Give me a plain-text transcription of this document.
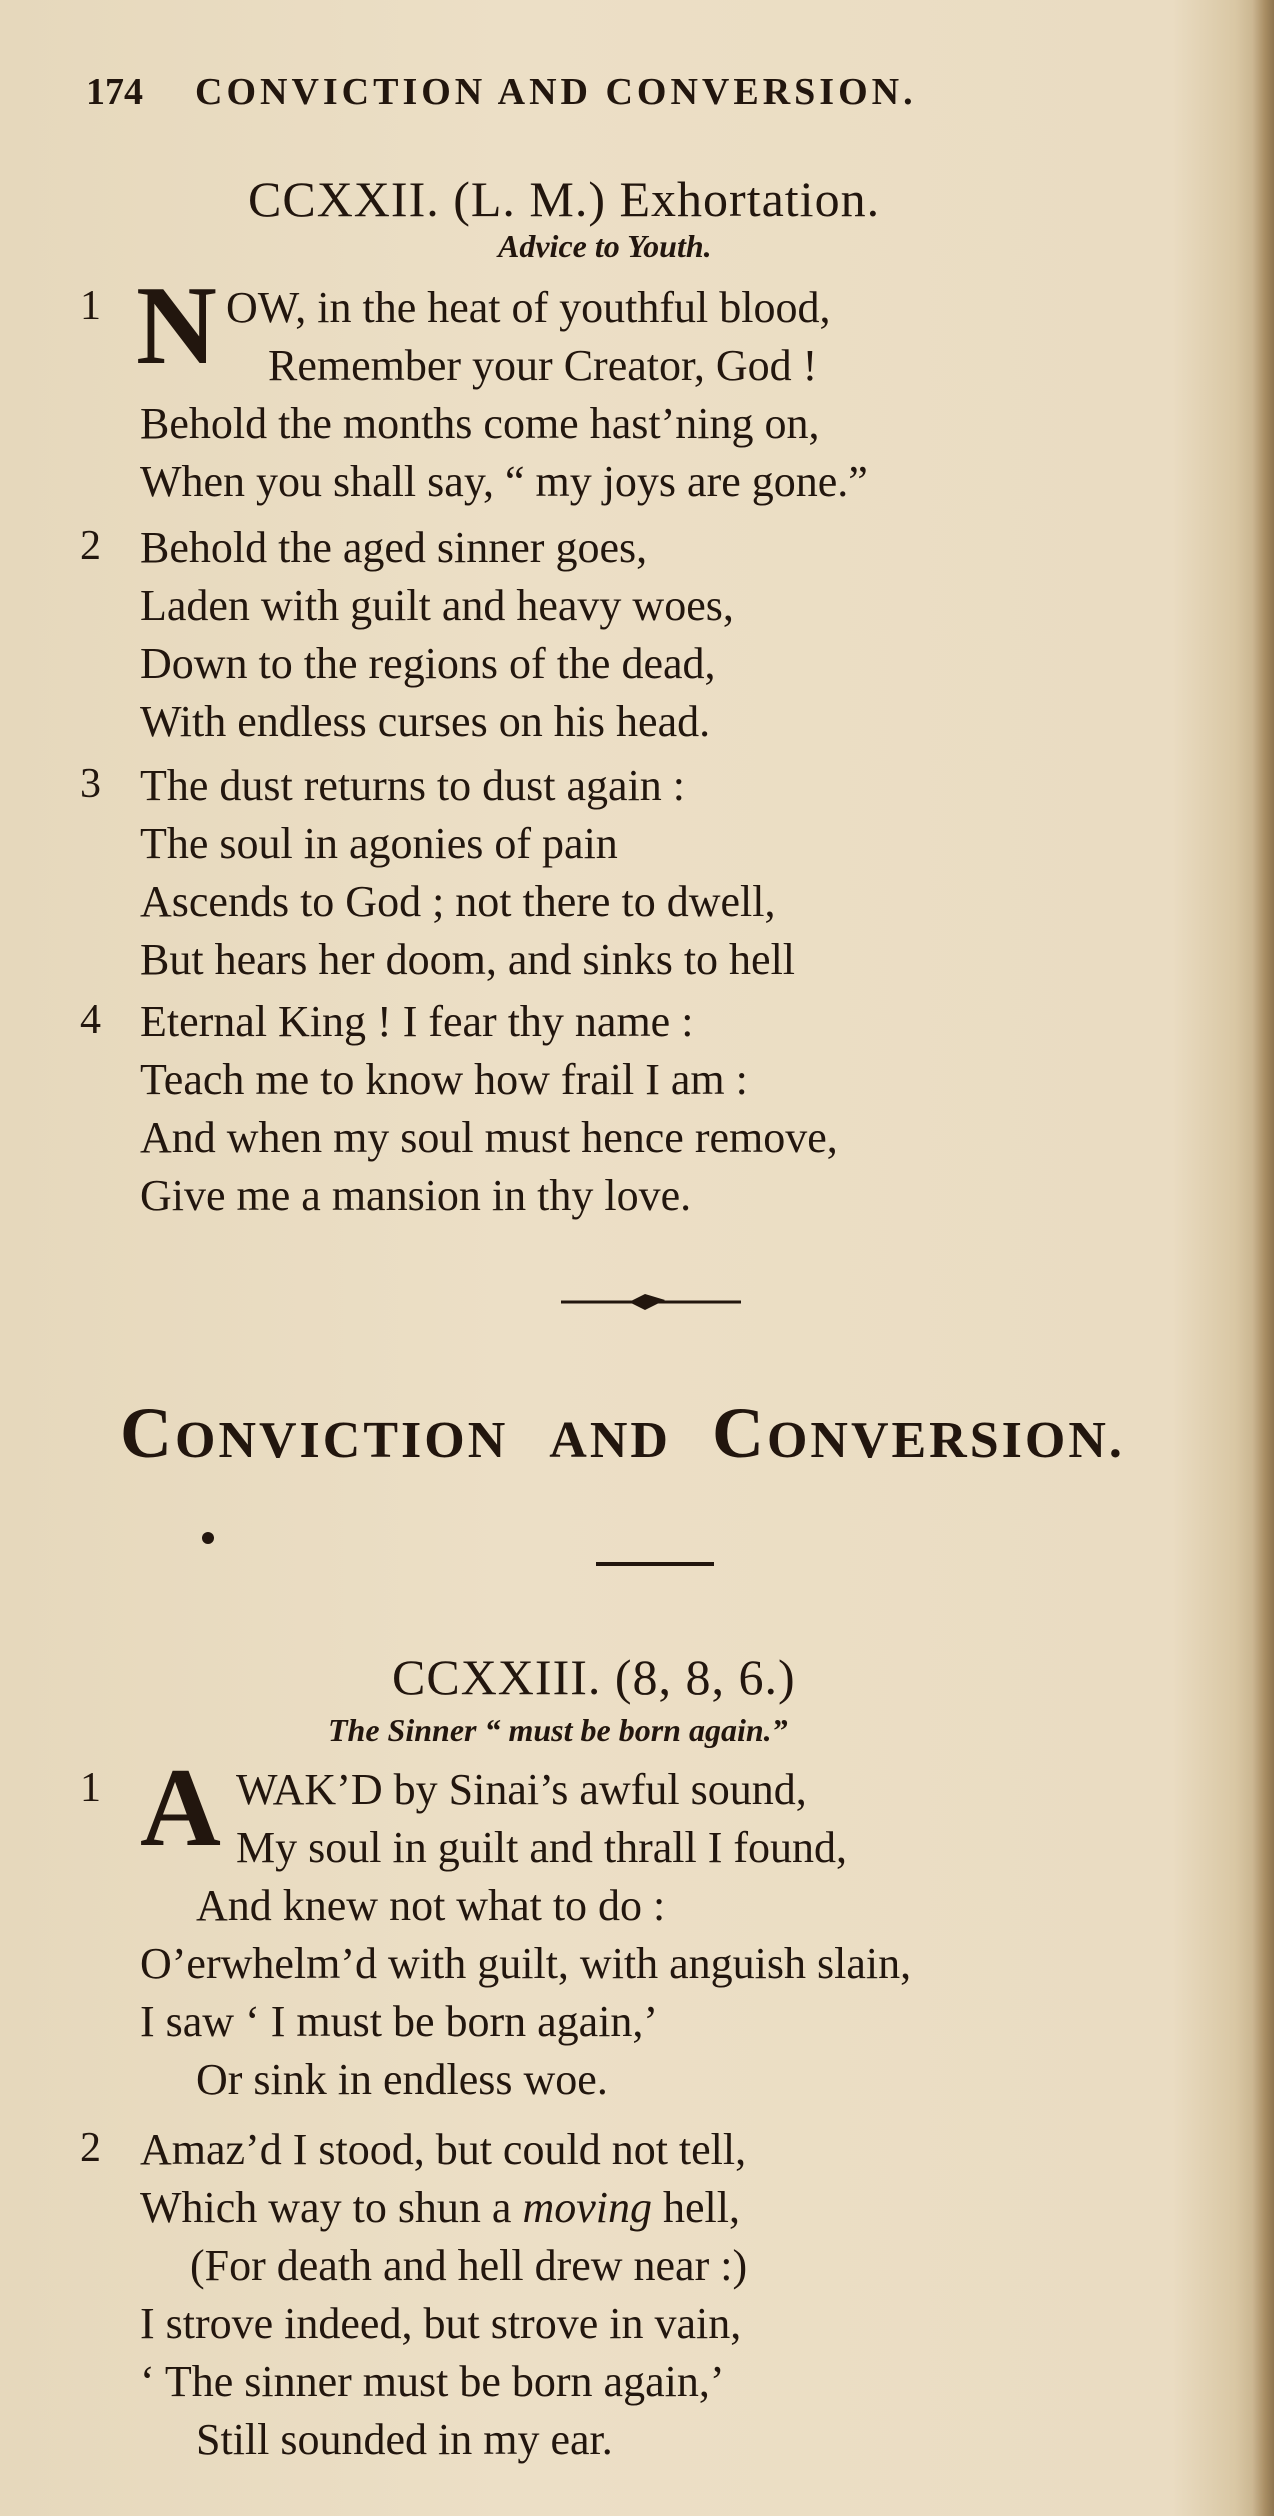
174 CONVICTION AND CONVERSION.
CCXXII. (L. M.) Exhortation.
Advice to Youth.
1 N OW, in the heat of youthful blood,
Remember your Creator, God !
Behold the months come hast’ning on,
When you shall say, “ my joys are gone.”
2 Behold the aged sinner goes,
Laden with guilt and heavy woes,
Down to the regions of the dead,
With endless curses on his head.
3 The dust returns to dust again :
The soul in agonies of pain
Ascends to God ; not there to dwell,
But hears her doom, and sinks to hell
4 Eternal King ! I fear thy name :
Teach me to know how frail I am :
And when my soul must hence remove,
Give me a mansion in thy love.
CONVICTION AND CONVERSION.
CCXXIII. (8, 8, 6.)
The Sinner “ must be born again.”
1 A WAK’D by Sinai’s awful sound,
My soul in guilt and thrall I found,
And knew not what to do :
O’erwhelm’d with guilt, with anguish slain,
I saw ‘ I must be born again,’
Or sink in endless woe.
2 Amaz’d I stood, but could not tell,
Which way to shun a moving hell,
(For death and hell drew near :)
I strove indeed, but strove in vain,
‘ The sinner must be born again,’
Still sounded in my ear.
